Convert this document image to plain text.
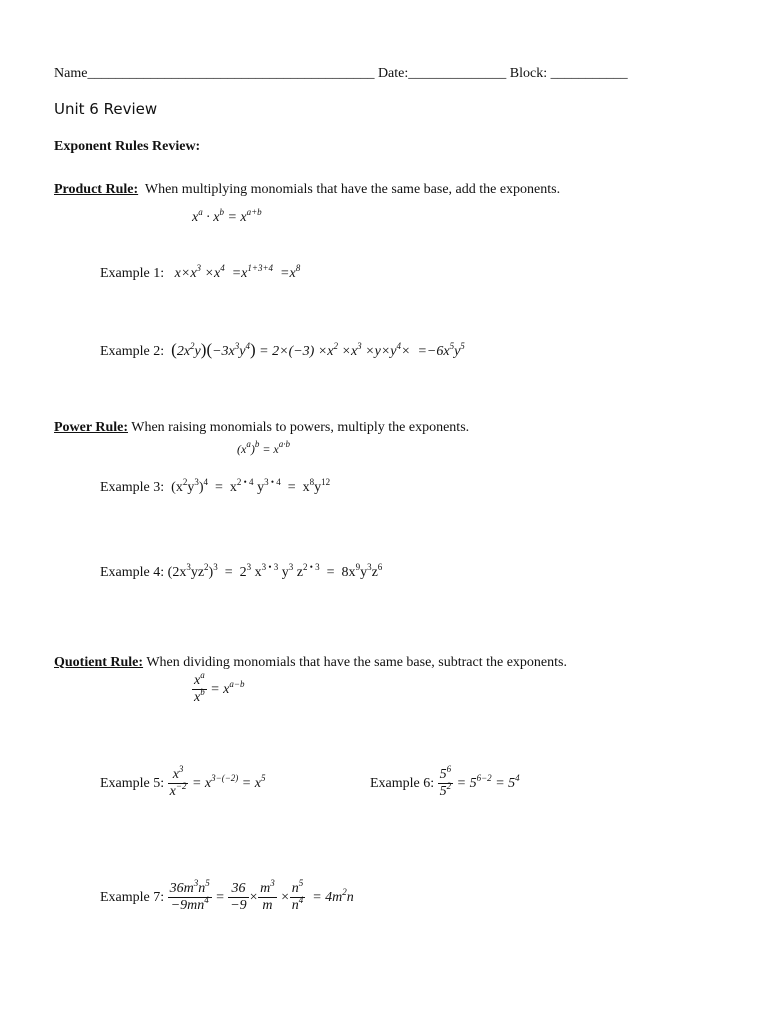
Name_________________________________________ Date:______________ Block: ___________
Unit 6 Review
Exponent Rules Review:
Product Rule: When multiplying monomials that have the same base, add the exponents.
$x^a \cdot x^b = x^{a+b}$
Example 1: $x\times x^3 \times x^4 =x^{1+3+4} =x^8$
Example 2: $(2x^2y)(-3x^3y^4) = 2\times(-3) \times x^2 \times x^3 \times y\times y^4\times =-6x^5y^5$
Power Rule: When raising monomials to powers, multiply the exponents.
$(x^a)^b = x^{a\cdot b}$
Example 3: $(x^2y^3)^4 = x^{2 • 4}$ $y^{3 • 4} = x^8y^{12}$
Example 4: $(2x^3yz^2)^3 = 2^3$ $x^{3 • 3}$ $y^3$ $z^{2 • 3} = 8x^9y^3z^6$
Quotient Rule: When dividing monomials that have the same base, subtract the exponents.
$\frac{x^a}{x^b} = x^{a-b}$
Example 5: $\frac{x^3}{x^{-2}} = x^{3-(-2)} = x^5$	Example 6: $\frac{5^6}{5^2} = 5^{6-2} = 5^4$
Example 7: $\frac{36m^3n^5}{-9mn^4} = \frac{36}{-9} \times \frac{m^3}{m} \times \frac{n^5}{n^4} = 4m^2n$
